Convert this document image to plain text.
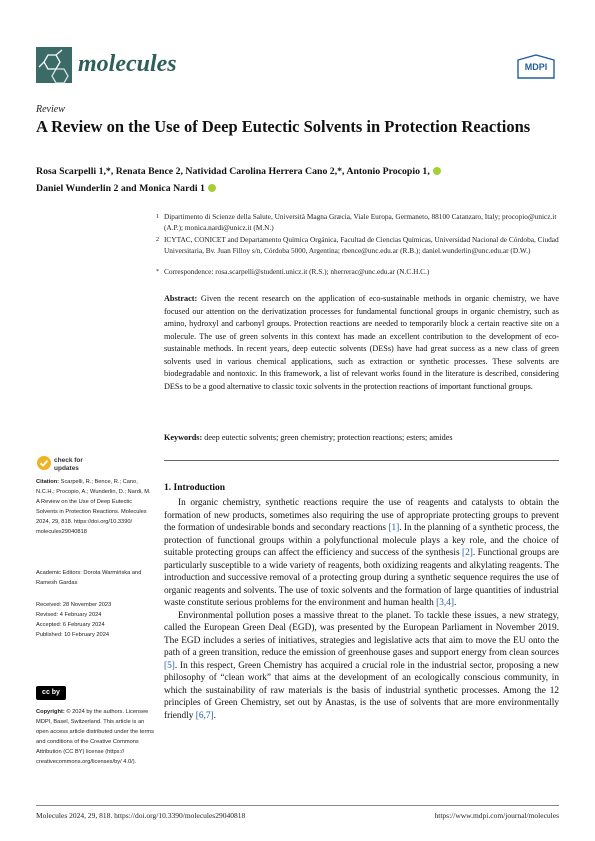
molecules	MDPI
Review
A Review on the Use of Deep Eutectic Solvents in Protection Reactions
Rosa Scarpelli 1,*, Renata Bence 2, Natividad Carolina Herrera Cano 2,*, Antonio Procopio 1,
Daniel Wunderlin 2 and Monica Nardi 1
1 Dipartimento di Scienze della Salute, Università Magna Græcia, Viale Europa, Germaneto, 88100 Catanzaro, Italy; procopio@unicz.it (A.P.); monica.nardi@unicz.it (M.N.)
2 ICYTAC, CONICET and Departamento Química Orgánica, Facultad de Ciencias Químicas, Universidad Nacional de Córdoba, Ciudad Universitaria, Bv. Juan Filloy s/n, Córdoba 5000, Argentina; rbence@unc.edu.ar (R.B.); daniel.wunderlin@unc.edu.ar (D.W.)
* Correspondence: rosa.scarpelli@studenti.unicz.it (R.S.); nherrerac@unc.edu.ar (N.C.H.C.)
Abstract: Given the recent research on the application of eco-sustainable methods in organic chemistry, we have focused our attention on the derivatization processes for fundamental functional groups in organic chemistry, such as amino, hydroxyl and carbonyl groups. Protection reactions are needed to temporarily block a certain reactive site on a molecule. The use of green solvents in this context has made an excellent contribution to the development of eco-sustainable methods. In recent years, deep eutectic solvents (DESs) have had great success as a new class of green solvents used in various chemical applications, such as extraction or synthetic processes. These solvents are biodegradable and nontoxic. In this framework, a list of relevant works found in the literature is described, considering DESs to be a good alternative to classic toxic solvents in the protection reactions of important functional groups.
Keywords: deep eutectic solvents; green chemistry; protection reactions; esters; amides
check for
updates
Citation: Scarpelli, R.; Bence, R.; Cano, N.C.H.; Procopio, A.; Wunderlin, D.; Nardi, M. A Review on the Use of Deep Eutectic Solvents in Protection Reactions. Molecules 2024, 29, 818. https://doi.org/10.3390/ molecules29040818
Academic Editors: Dorota Warmińska and Ramesh Gardas
Received: 28 November 2023
Revised: 4 February 2024
Accepted: 6 February 2024
Published: 10 February 2024
cc by
Copyright: © 2024 by the authors. Licensee MDPI, Basel, Switzerland. This article is an open access article distributed under the terms and conditions of the Creative Commons Attribution (CC BY) license (https:// creativecommons.org/licenses/by/ 4.0/).
1. Introduction

In organic chemistry, synthetic reactions require the use of reagents and catalysts to obtain the formation of new products, sometimes also requiring the use of appropriate protecting groups to prevent the formation of undesirable bonds and secondary reactions [1]. In the planning of a synthetic process, the protection of functional groups within a polyfunctional molecule plays a key role, and the choice of suitable protecting groups can affect the efficiency and success of the synthesis [2]. Functional groups are particularly susceptible to a wide variety of reagents, both oxidizing reagents and alkylating reagents. The introduction and successive removal of a protecting group during a synthetic sequence requires the use of organic reagents and solvents. The use of toxic solvents and the formation of large quantities of industrial waste constitute serious problems for the environment and human health [3,4].

Environmental pollution poses a massive threat to the planet. To tackle these issues, a new strategy, called the European Green Deal (EGD), was presented by the European Parliament in November 2019. The EGD includes a series of initiatives, strategies and legislative acts that aim to move the EU onto the path of a green transition, reduce the emission of greenhouse gases and support energy from clean sources [5]. In this respect, Green Chemistry has acquired a crucial role in the industrial sector, proposing a new philosophy of “clean work” that aims at the development of an ecologically conscious community, in which the sustainability of raw materials is the basis of industrial synthetic processes. Among the 12 principles of Green Chemistry, set out by Anastas, is the use of solvents that are more environmentally friendly [6,7].

Molecules 2024, 29, 818. https://doi.org/10.3390/molecules29040818	https://www.mdpi.com/journal/molecules
